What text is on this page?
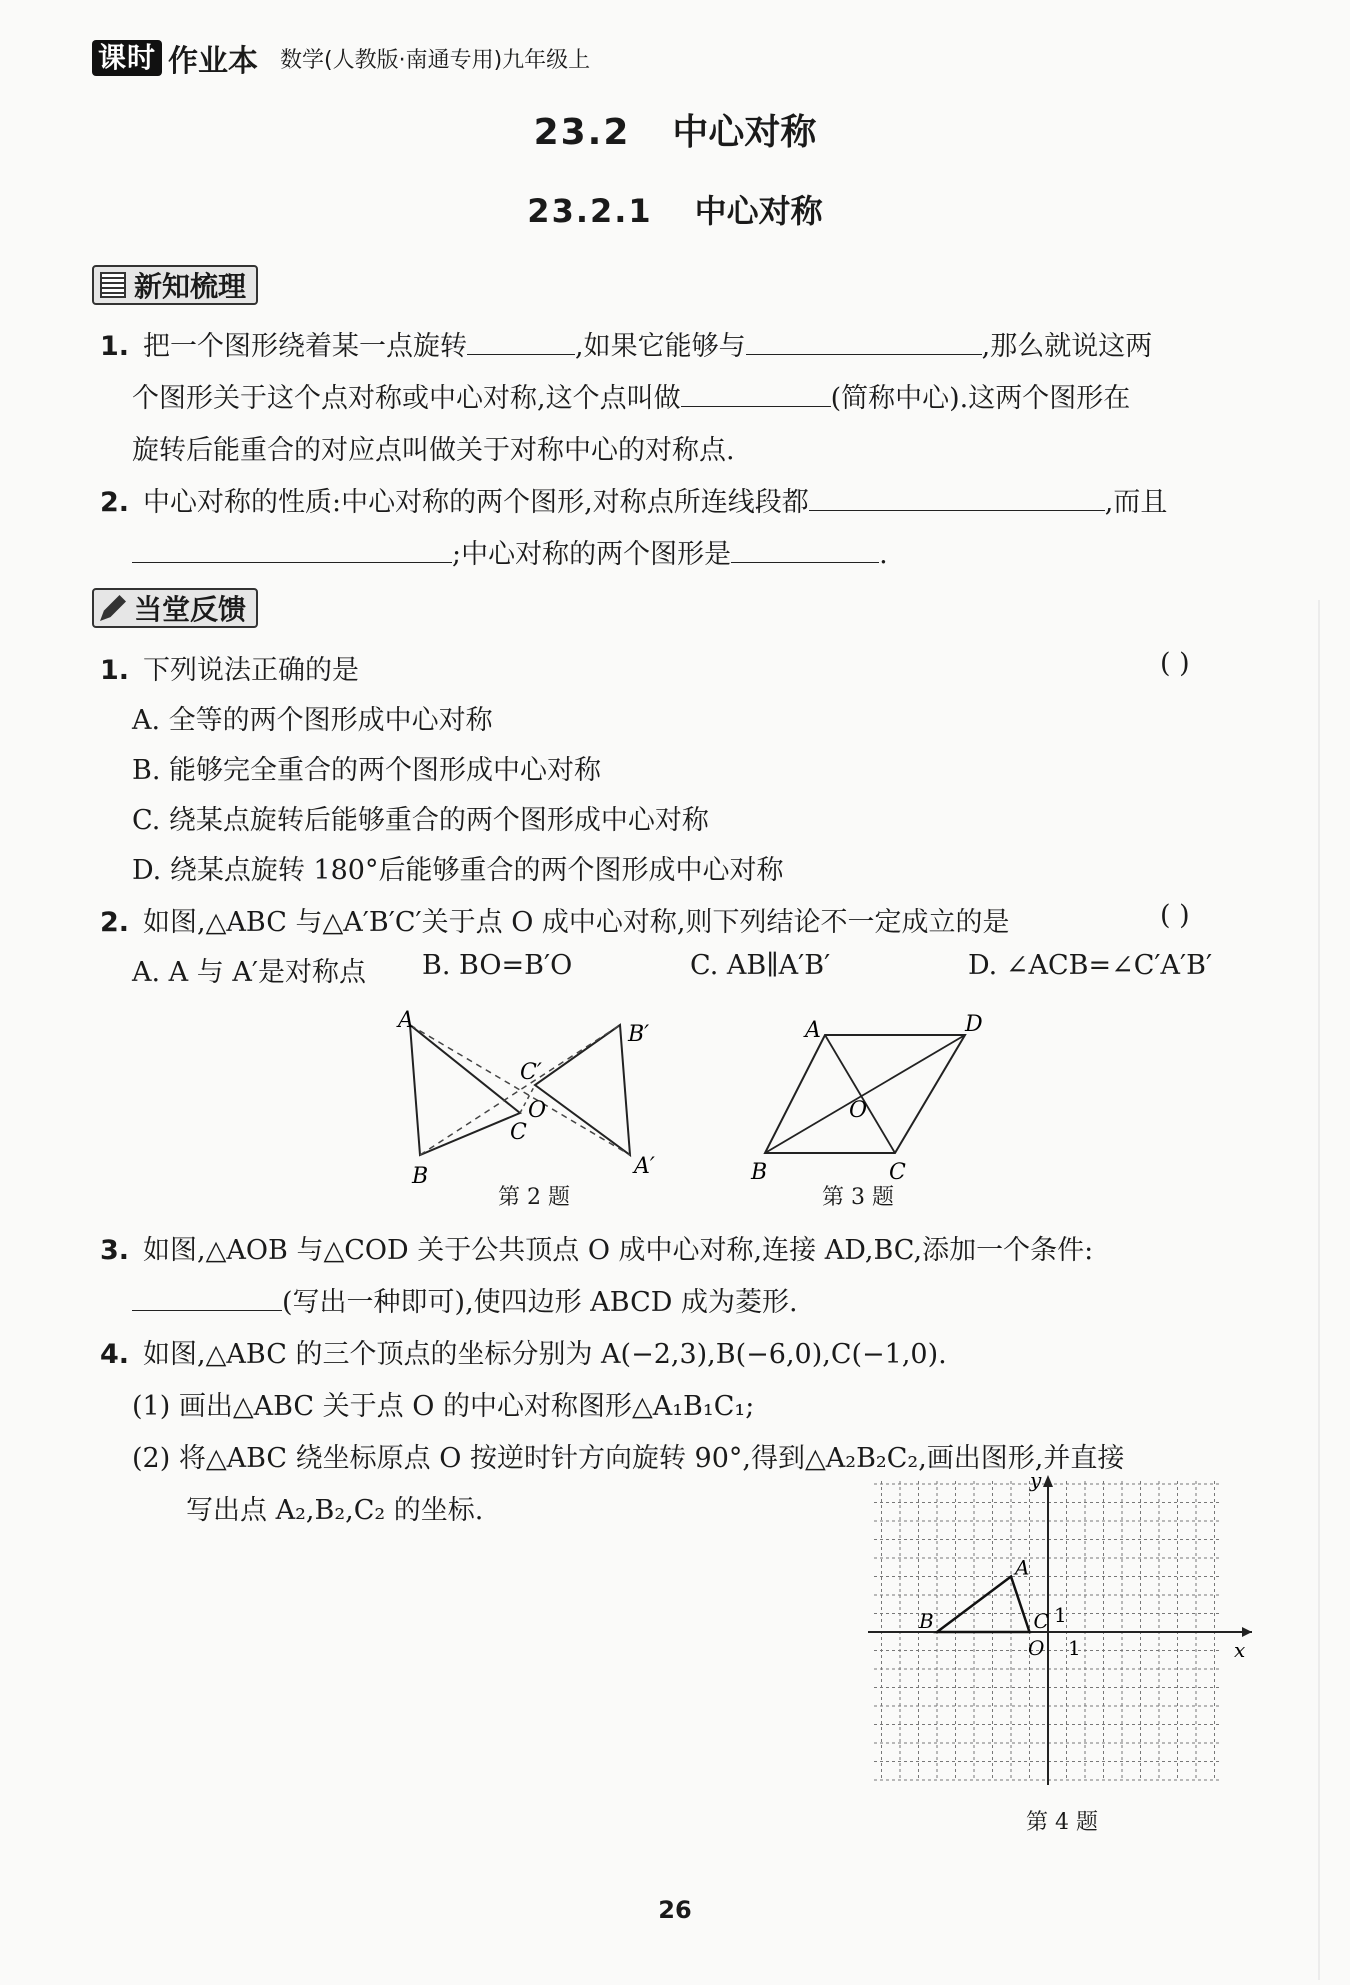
课时 作业本 数学(人教版·南通专用)九年级上
23.2 中心对称
23.2.1 中心对称
新知梳理
1. 把一个图形绕着某一点旋转	,如果它能够与	,那么就说这两
个图形关于这个点对称或中心对称,这个点叫做	(简称中心).这两个图形在
旋转后能重合的对应点叫做关于对称中心的对称点.
2. 中心对称的性质:中心对称的两个图形,对称点所连线段都	,而且
;中心对称的两个图形是	.
当堂反馈
1. 下列说法正确的是	( )
A. 全等的两个图形成中心对称
B. 能够完全重合的两个图形成中心对称
C. 绕某点旋转后能够重合的两个图形成中心对称
D. 绕某点旋转 180°后能够重合的两个图形成中心对称
2. 如图,△ABC 与△A′B′C′关于点 O 成中心对称,则下列结论不一定成立的是	( )
A. A 与 A′是对称点 B. BO=B′O	C. AB∥A′B′	D. ∠ACB=∠C′A′B′
A
B
C
A′
B′
C′
O
第 2 题
A	D
B	C
O
第 3 题
3. 如图,△AOB 与△COD 关于公共顶点 O 成中心对称,连接 AD,BC,添加一个条件:
(写出一种即可),使四边形 ABCD 成为菱形.
4. 如图,△ABC 的三个顶点的坐标分别为 A(−2,3),B(−6,0),C(−1,0).
(1) 画出△ABC 关于点 O 的中心对称图形△A₁B₁C₁;
(2) 将△ABC 绕坐标原点 O 按逆时针方向旋转 90°,得到△A₂B₂C₂,画出图形,并直接
写出点 A₂,B₂,C₂ 的坐标.
x
y
O 1
1
A
B	C
第 4 题
26
